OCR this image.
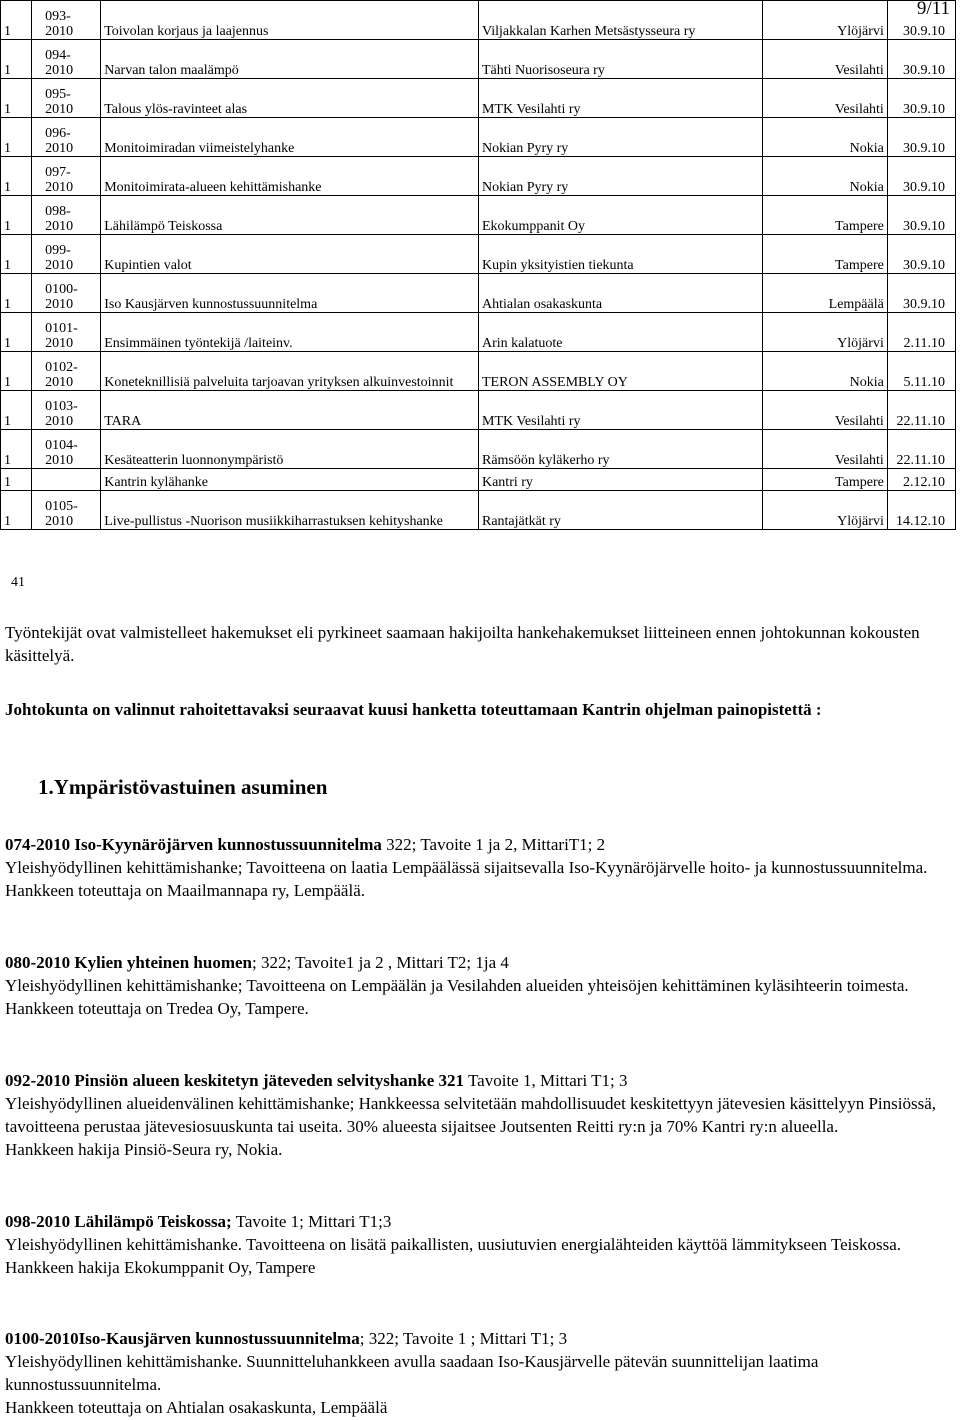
9/11
1	093-2010	Toivolan korjaus ja laajennus	Viljakkalan Karhen Metsästysseura ry	Ylöjärvi	30.9.10
1	094-2010	Narvan talon maalämpö	Tähti Nuorisoseura ry	Vesilahti	30.9.10
1	095-2010	Talous ylös-ravinteet alas	MTK Vesilahti ry	Vesilahti	30.9.10
1	096-2010	Monitoimiradan viimeistelyhanke	Nokian Pyry ry	Nokia	30.9.10
1	097-2010	Monitoimirata-alueen kehittämishanke	Nokian Pyry ry	Nokia	30.9.10
1	098-2010	Lähilämpö Teiskossa	Ekokumppanit Oy	Tampere	30.9.10
1	099-2010	Kupintien valot	Kupin yksityistien tiekunta	Tampere	30.9.10
1	0100-2010	Iso Kausjärven kunnostussuunnitelma	Ahtialan osakaskunta	Lempäälä	30.9.10
1	0101-2010	Ensimmäinen työntekijä /laiteinv.	Arin kalatuote	Ylöjärvi	2.11.10
1	0102-2010	Koneteknillisiä palveluita tarjoavan yrityksen alkuinvestoinnit	TERON ASSEMBLY OY	Nokia	5.11.10
1	0103-2010	TARA	MTK Vesilahti ry	Vesilahti	22.11.10
1	0104-2010	Kesäteatterin luonnonympäristö	Rämsöön kyläkerho ry	Vesilahti	22.11.10
1		Kantrin kylähanke	Kantri ry	Tampere	2.12.10
1	0105-2010	Live-pullistus -Nuorison musiikkiharrastuksen kehityshanke	Rantajätkät ry	Ylöjärvi	14.12.10
41

Työntekijät ovat valmistelleet hakemukset eli pyrkineet saamaan hakijoilta hankehakemukset liitteineen ennen johtokunnan kokousten käsittelyä.

Johtokunta on valinnut rahoitettavaksi seuraavat kuusi hanketta toteuttamaan Kantrin ohjelman painopistettä :

1.Ympäristövastuinen asuminen

074-2010 Iso-Kyynäröjärven kunnostussuunnitelma 322; Tavoite 1 ja 2, MittariT1; 2

Yleishyödyllinen kehittämishanke; Tavoitteena on laatia Lempäälässä sijaitsevalla Iso-Kyynäröjärvelle hoito- ja kunnostussuunnitelma.

Hankkeen toteuttaja on Maailmannapa ry, Lempäälä.

080-2010 Kylien yhteinen huomen; 322; Tavoite1 ja 2 , Mittari T2; 1ja 4

Yleishyödyllinen kehittämishanke; Tavoitteena on Lempäälän ja Vesilahden alueiden yhteisöjen kehittäminen kyläsihteerin toimesta.

Hankkeen toteuttaja on Tredea Oy, Tampere.

092-2010 Pinsiön alueen keskitetyn jäteveden selvityshanke 321 Tavoite 1, Mittari T1; 3

Yleishyödyllinen alueidenvälinen kehittämishanke; Hankkeessa selvitetään mahdollisuudet keskitettyyn jätevesien käsittelyyn Pinsiössä, tavoitteena perustaa jätevesiosuuskunta tai useita. 30% alueesta sijaitsee Joutsenten Reitti ry:n ja 70% Kantri ry:n alueella.

Hankkeen hakija Pinsiö-Seura ry, Nokia.

098-2010 Lähilämpö Teiskossa; Tavoite 1; Mittari T1;3

Yleishyödyllinen kehittämishanke. Tavoitteena on lisätä paikallisten, uusiutuvien energialähteiden käyttöä lämmitykseen Teiskossa.

Hankkeen hakija Ekokumppanit Oy, Tampere

0100-2010Iso-Kausjärven kunnostussuunnitelma; 322; Tavoite 1 ; Mittari T1; 3

Yleishyödyllinen kehittämishanke. Suunnitteluhankkeen avulla saadaan Iso-Kausjärvelle pätevän suunnittelijan laatima kunnostussuunnitelma.

Hankkeen toteuttaja on Ahtialan osakaskunta, Lempäälä
